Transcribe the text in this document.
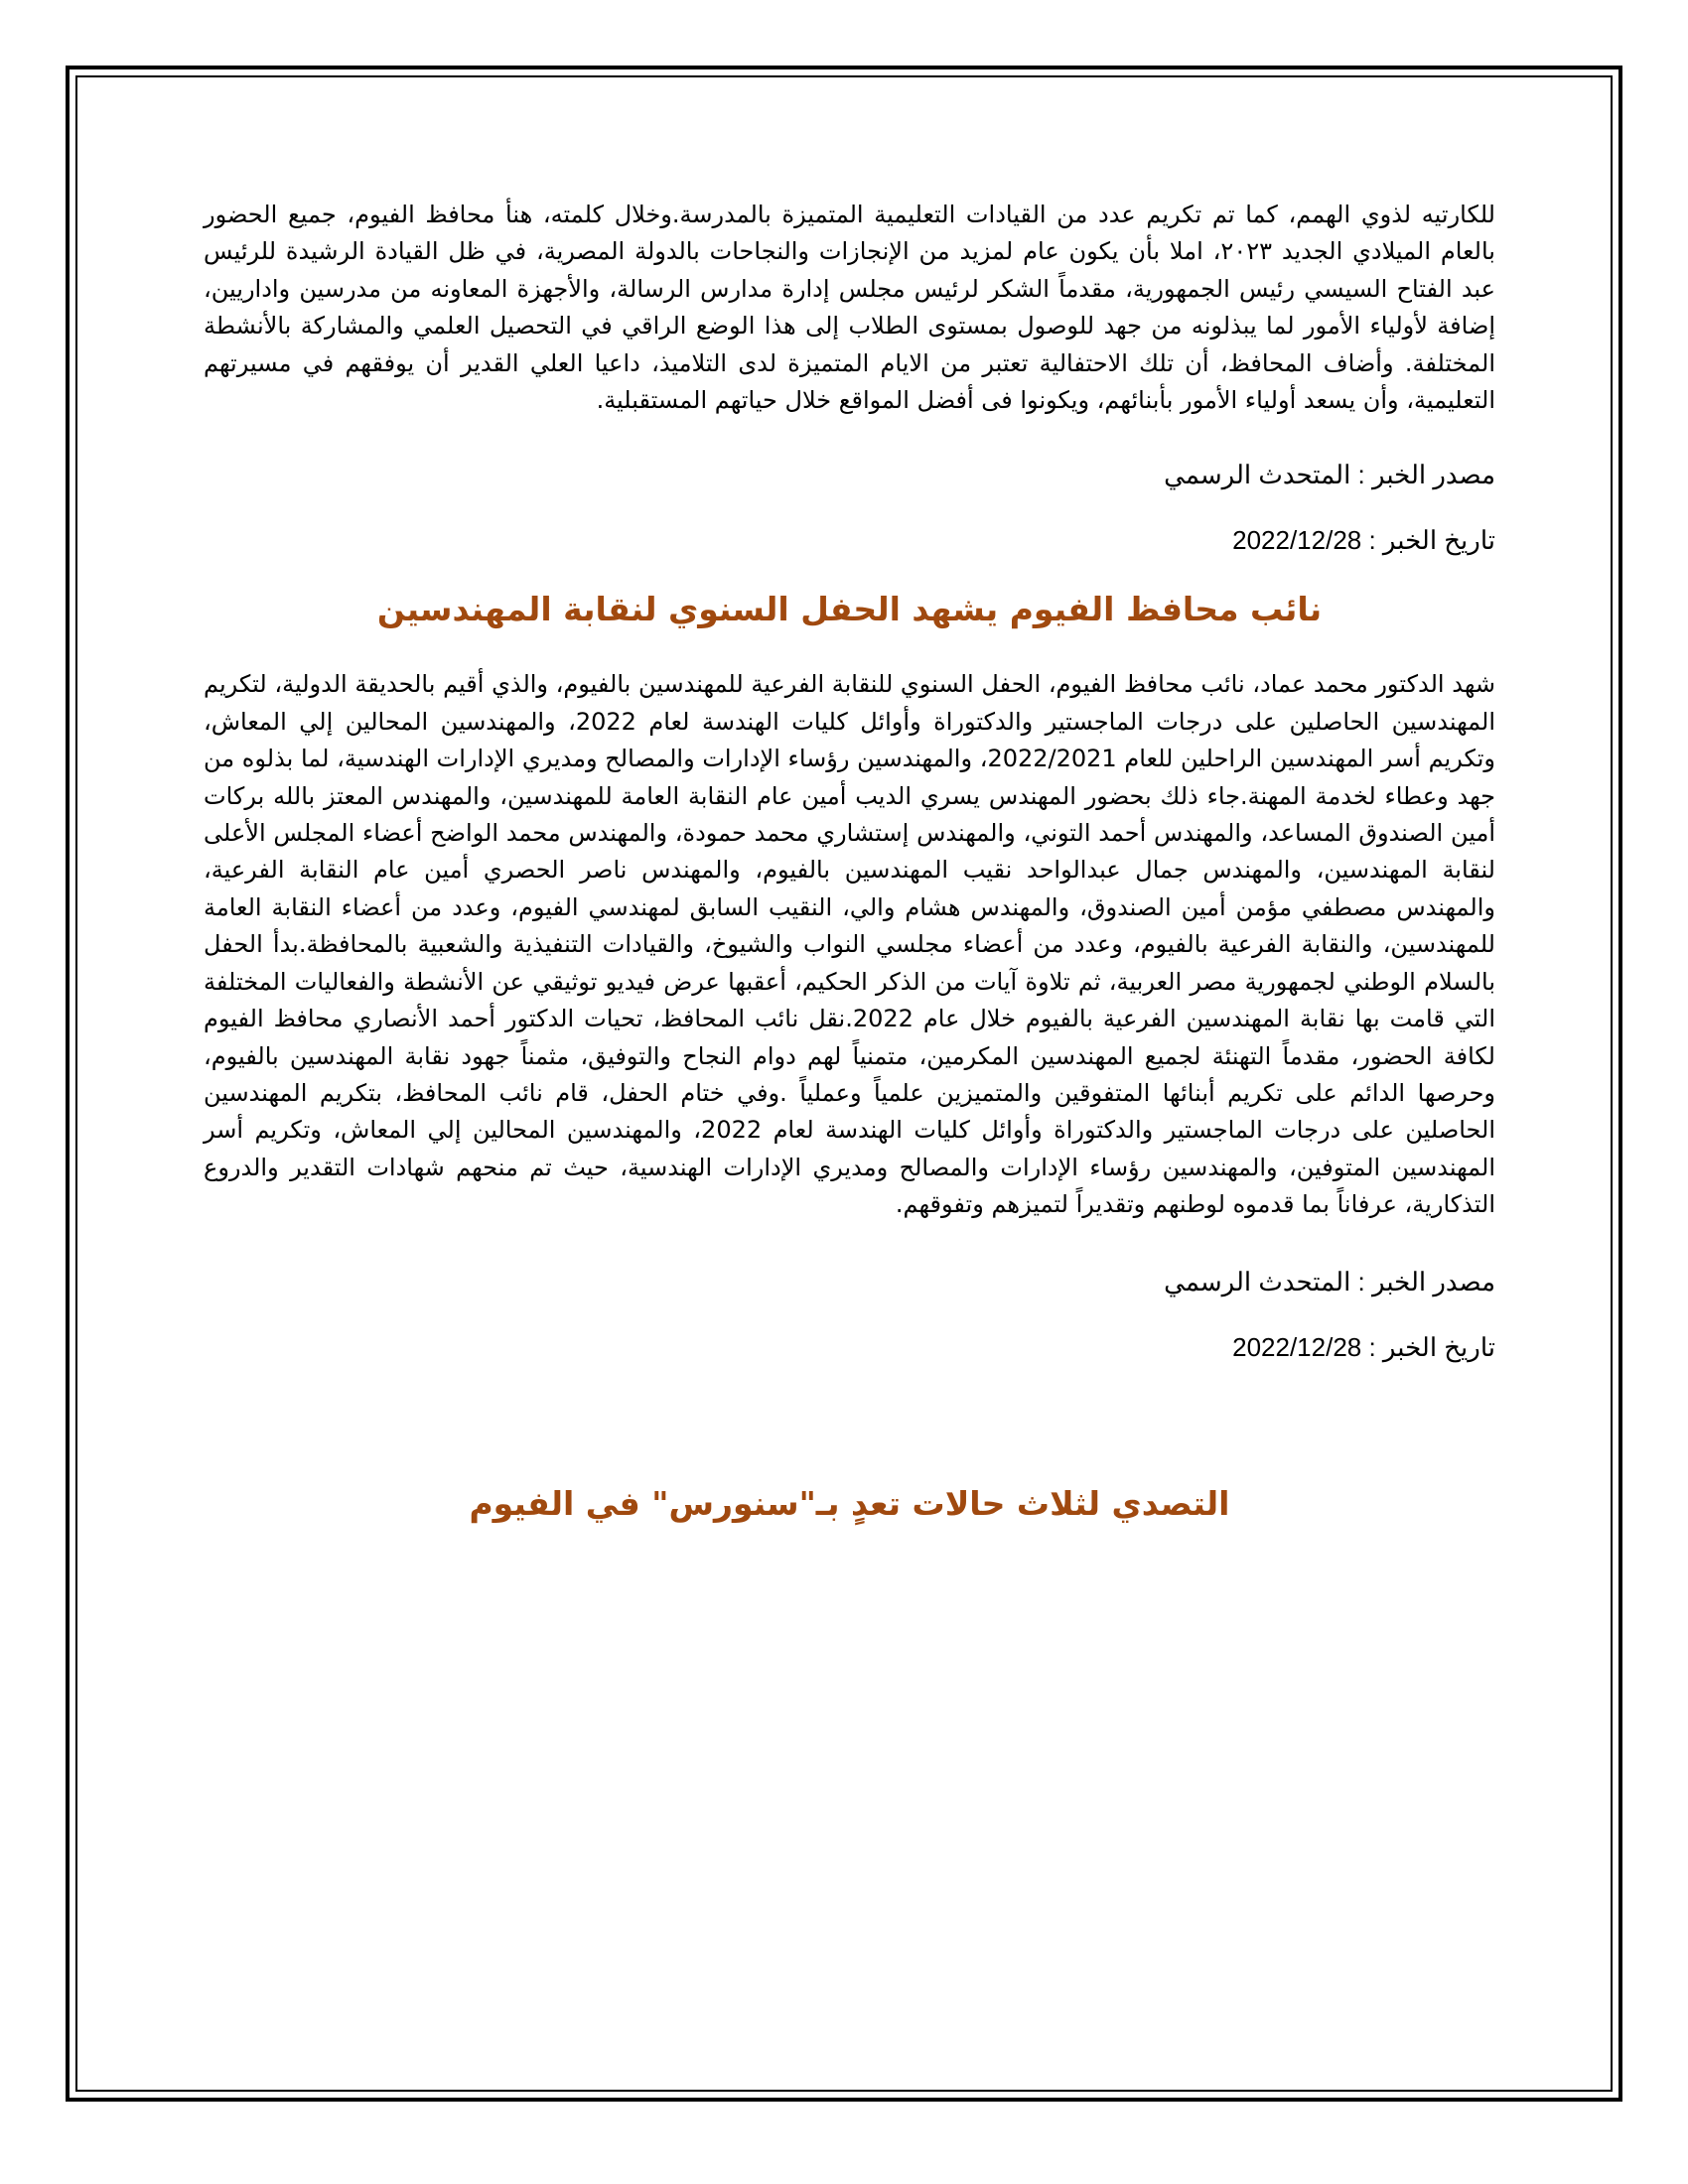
للكارتيه لذوي الهمم، كما تم تكريم عدد من القيادات التعليمية المتميزة بالمدرسة.وخلال كلمته، هنأ محافظ الفيوم، جميع الحضور بالعام الميلادي الجديد ٢٠٢٣، املا بأن يكون عام لمزيد من الإنجازات والنجاحات بالدولة المصرية، في ظل القيادة الرشيدة للرئيس عبد الفتاح السيسي رئيس الجمهورية، مقدماً الشكر لرئيس مجلس إدارة مدارس الرسالة، والأجهزة المعاونه من مدرسين واداريين، إضافة لأولياء الأمور لما يبذلونه من جهد للوصول بمستوى الطلاب إلى هذا الوضع الراقي في التحصيل العلمي والمشاركة بالأنشطة المختلفة. وأضاف المحافظ، أن تلك الاحتفالية تعتبر من الايام المتميزة لدى التلاميذ، داعيا العلي القدير أن يوفقهم في مسيرتهم التعليمية، وأن يسعد أولياء الأمور بأبنائهم، ويكونوا فى أفضل المواقع خلال حياتهم المستقبلية.

مصدر الخبر : المتحدث الرسمي

تاريخ الخبر : 2022/12/28

نائب محافظ الفيوم يشهد الحفل السنوي لنقابة المهندسين

شهد الدكتور محمد عماد، نائب محافظ الفيوم، الحفل السنوي للنقابة الفرعية للمهندسين بالفيوم، والذي أقيم بالحديقة الدولية، لتكريم المهندسين الحاصلين على درجات الماجستير والدكتوراة وأوائل كليات الهندسة لعام 2022، والمهندسين المحالين إلي المعاش، وتكريم أسر المهندسين الراحلين للعام 2022/2021، والمهندسين رؤساء الإدارات والمصالح ومديري الإدارات الهندسية، لما بذلوه من جهد وعطاء لخدمة المهنة.جاء ذلك بحضور المهندس يسري الديب أمين عام النقابة العامة للمهندسين، والمهندس المعتز بالله بركات أمين الصندوق المساعد، والمهندس أحمد التوني، والمهندس إستشاري محمد حمودة، والمهندس محمد الواضح أعضاء المجلس الأعلى لنقابة المهندسين، والمهندس جمال عبدالواحد نقيب المهندسين بالفيوم، والمهندس ناصر الحصري أمين عام النقابة الفرعية، والمهندس مصطفي مؤمن أمين الصندوق، والمهندس هشام والي، النقيب السابق لمهندسي الفيوم، وعدد من أعضاء النقابة العامة للمهندسين، والنقابة الفرعية بالفيوم، وعدد من أعضاء مجلسي النواب والشيوخ، والقيادات التنفيذية والشعبية بالمحافظة.بدأ الحفل بالسلام الوطني لجمهورية مصر العربية، ثم تلاوة آيات من الذكر الحكيم، أعقبها عرض فيديو توثيقي عن الأنشطة والفعاليات المختلفة التي قامت بها نقابة المهندسين الفرعية بالفيوم خلال عام 2022.نقل نائب المحافظ، تحيات الدكتور أحمد الأنصاري محافظ الفيوم لكافة الحضور، مقدماً التهنئة لجميع المهندسين المكرمين، متمنياً لهم دوام النجاح والتوفيق، مثمناً جهود نقابة المهندسين بالفيوم، وحرصها الدائم على تكريم أبنائها المتفوقين والمتميزين علمياً وعملياً .وفي ختام الحفل، قام نائب المحافظ، بتكريم المهندسين الحاصلين على درجات الماجستير والدكتوراة وأوائل كليات الهندسة لعام 2022، والمهندسين المحالين إلي المعاش، وتكريم أسر المهندسين المتوفين، والمهندسين رؤساء الإدارات والمصالح ومديري الإدارات الهندسية، حيث تم منحهم شهادات التقدير والدروع التذكارية، عرفاناً بما قدموه لوطنهم وتقديراً لتميزهم وتفوقهم.

مصدر الخبر : المتحدث الرسمي

تاريخ الخبر : 2022/12/28

التصدي لثلاث حالات تعدٍ بـ"سنورس" في الفيوم
